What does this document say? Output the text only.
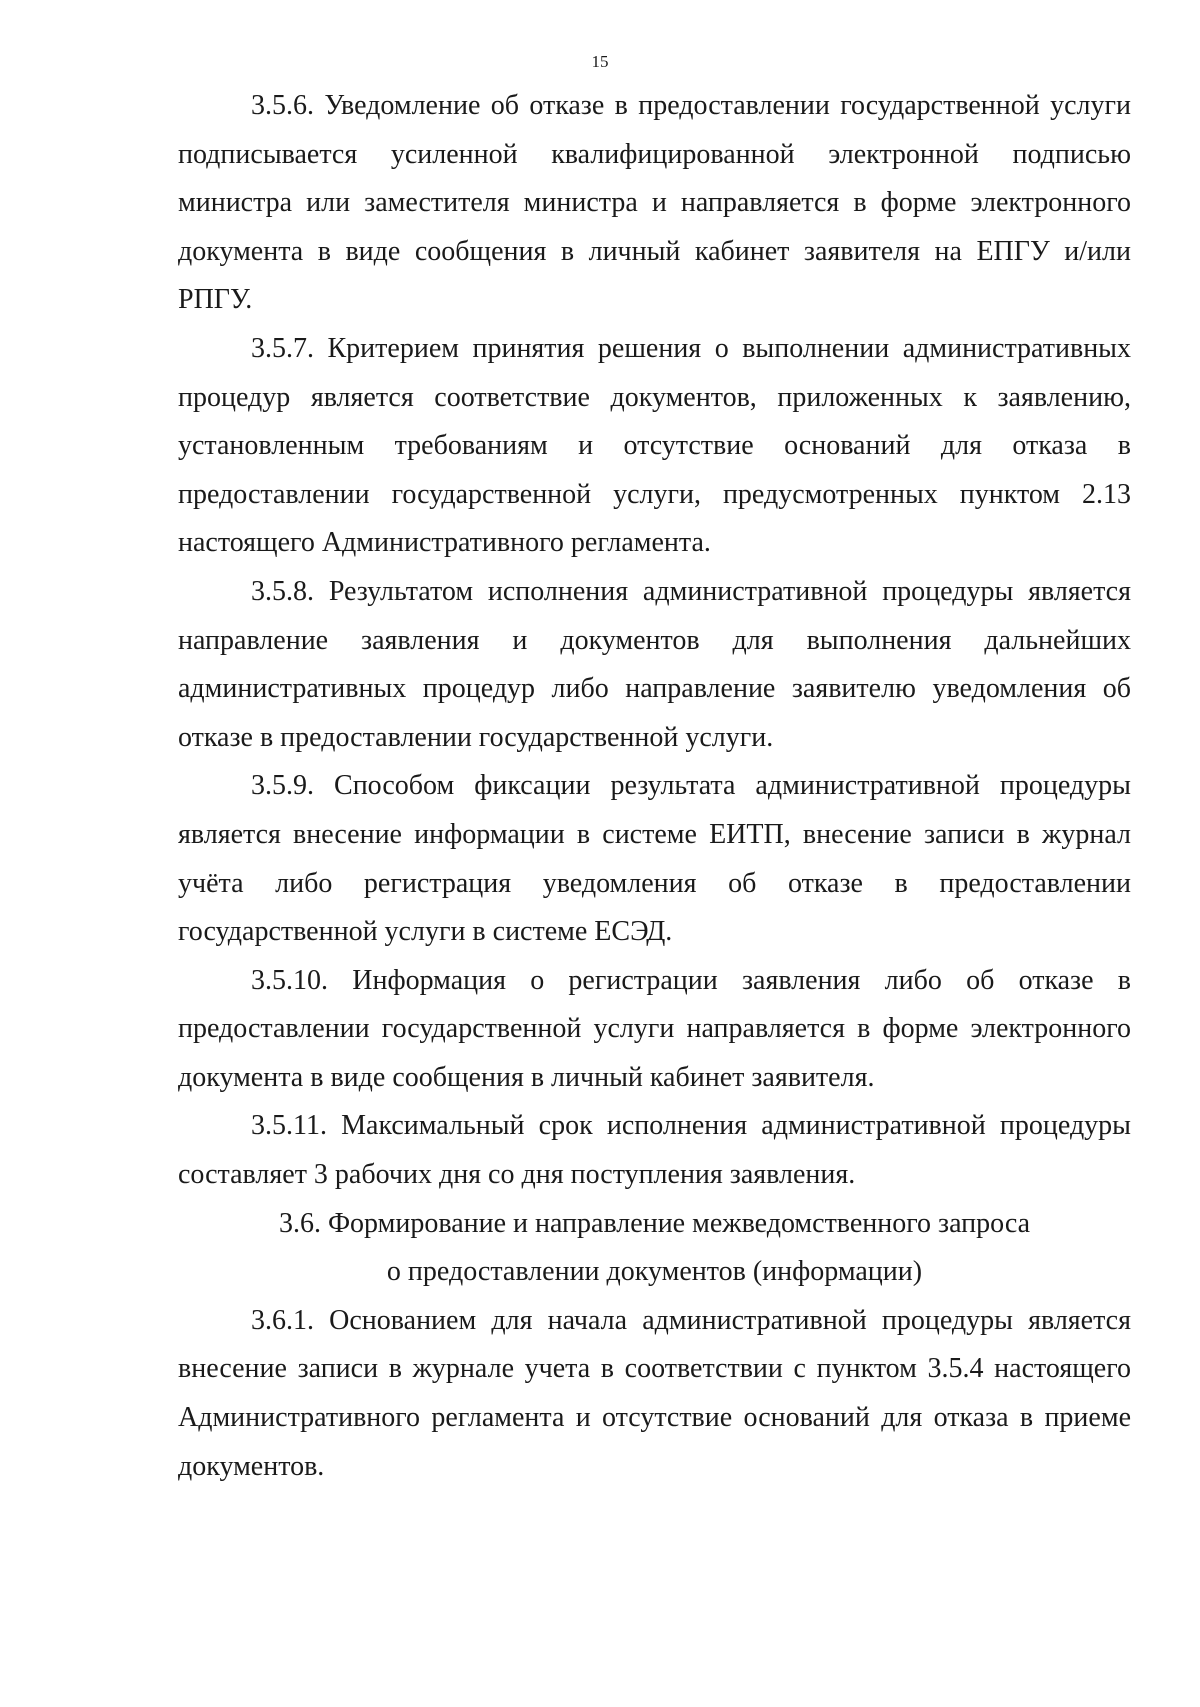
15

3.5.6. Уведомление об отказе в предоставлении государственной услуги подписывается усиленной квалифицированной электронной подписью министра или заместителя министра и направляется в форме электронного документа в виде сообщения в личный кабинет заявителя на ЕПГУ и/или РПГУ.

3.5.7. Критерием принятия решения о выполнении административных процедур является соответствие документов, приложенных к заявлению, установленным требованиям и отсутствие оснований для отказа в предоставлении государственной услуги, предусмотренных пунктом 2.13 настоящего Административного регламента.

3.5.8. Результатом исполнения административной процедуры является направление заявления и документов для выполнения дальнейших административных процедур либо направление заявителю уведомления об отказе в предоставлении государственной услуги.

3.5.9. Способом фиксации результата административной процедуры является внесение информации в системе ЕИТП, внесение записи в журнал учёта либо регистрация уведомления об отказе в предоставлении государственной услуги в системе ЕСЭД.

3.5.10. Информация о регистрации заявления либо об отказе в предоставлении государственной услуги направляется в форме электронного документа в виде сообщения в личный кабинет заявителя.

3.5.11. Максимальный срок исполнения административной процедуры составляет 3 рабочих дня со дня поступления заявления.

3.6. Формирование и направление межведомственного запроса
о предоставлении документов (информации)

3.6.1. Основанием для начала административной процедуры является внесение записи в журнале учета в соответствии с пунктом 3.5.4 настоящего Административного регламента и отсутствие оснований для отказа в приеме документов.
